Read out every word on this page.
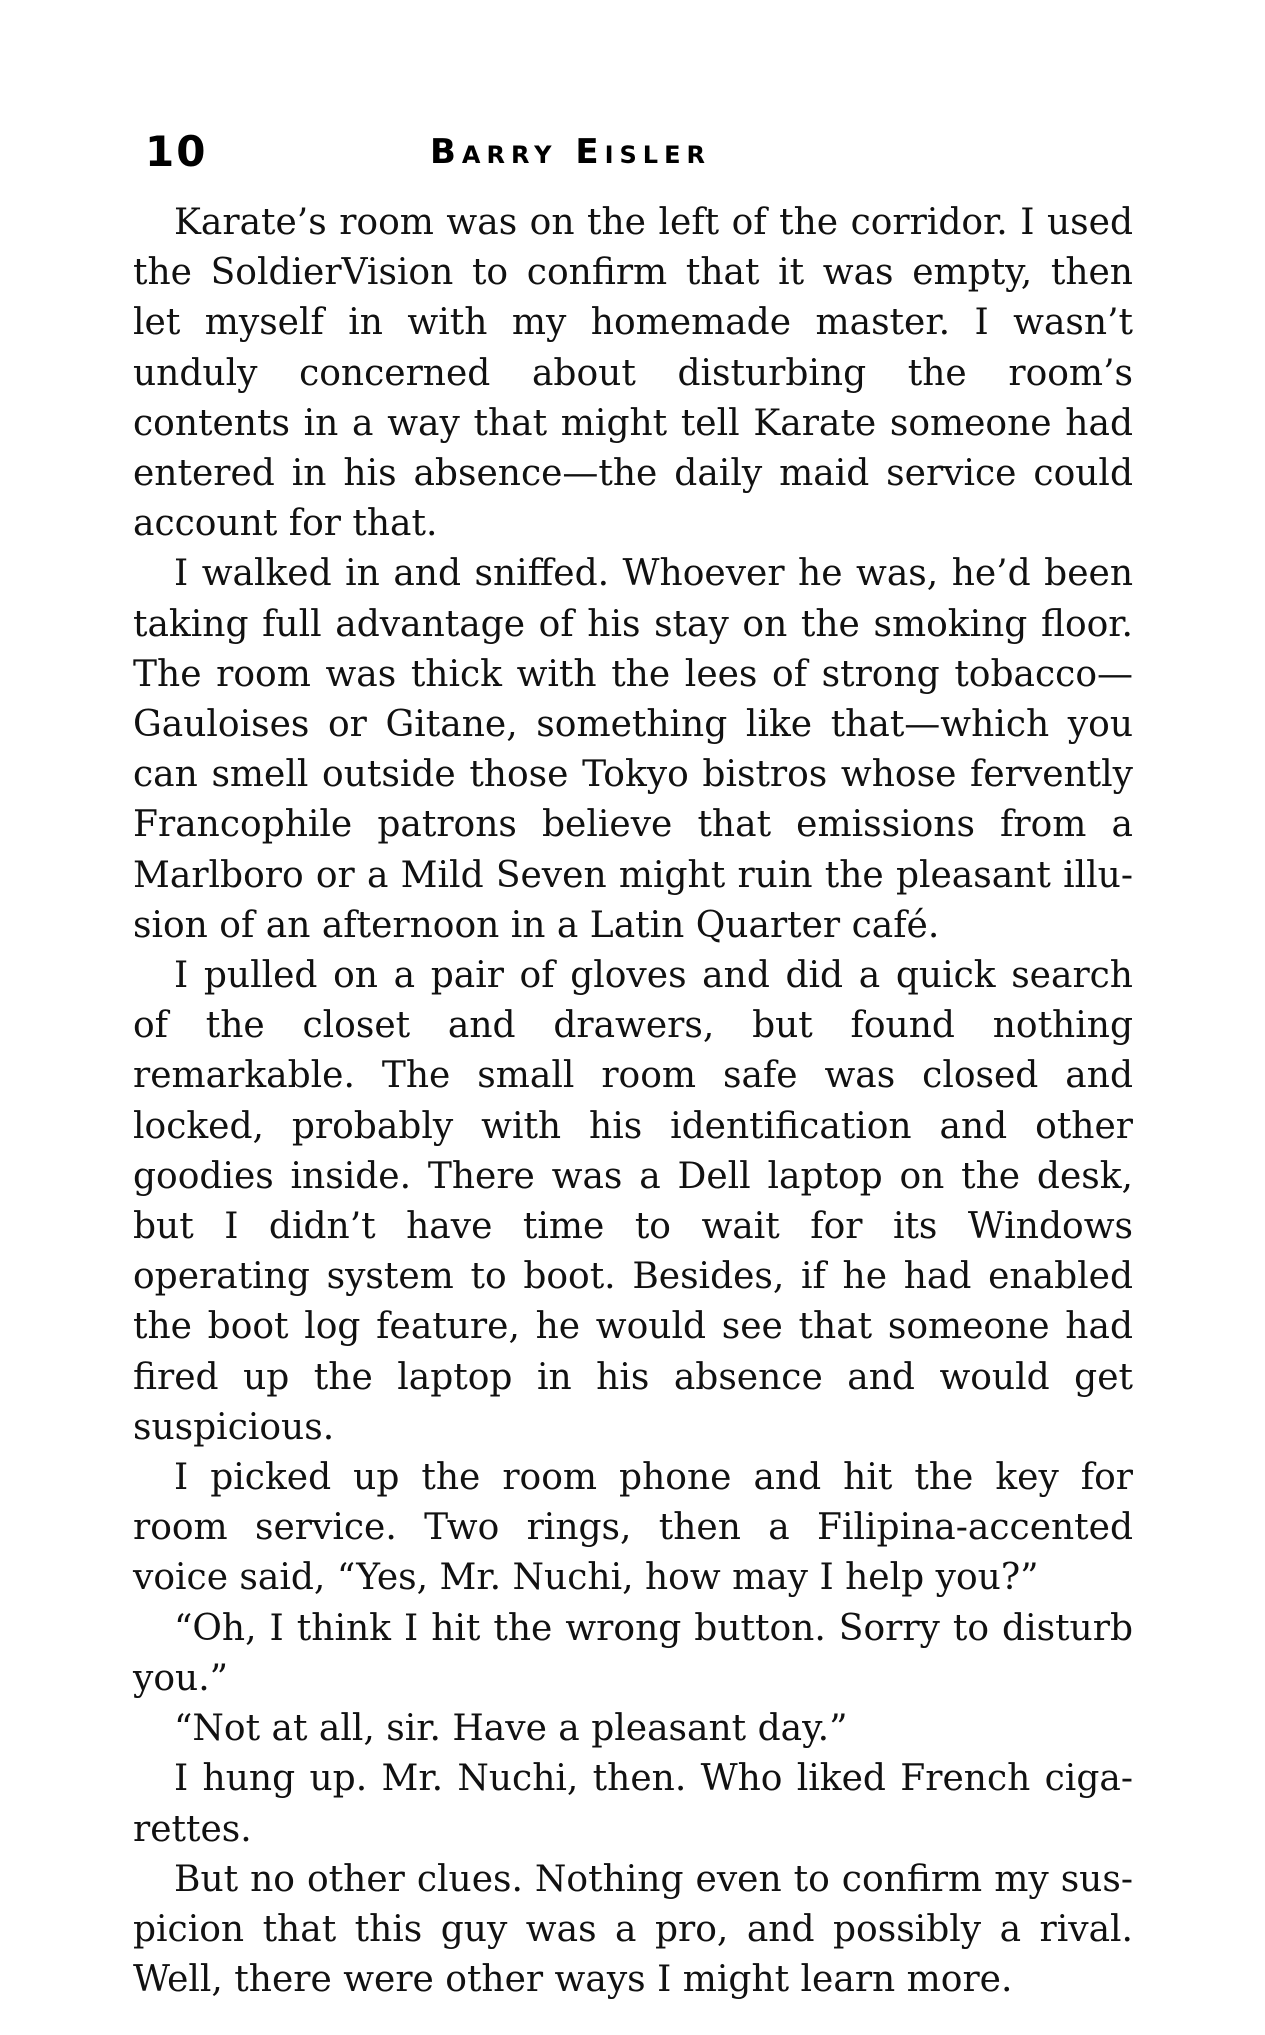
10	Barry Eisler

Karate’s room was on the left of the corridor. I used the SoldierVision to confirm that it was empty, then let myself in with my homemade master. I wasn’t unduly concerned about disturbing the room’s contents in a way that might tell Karate someone had entered in his absence—the daily maid service could account for that.

I walked in and sniffed. Whoever he was, he’d been taking full advantage of his stay on the smoking floor. The room was thick with the lees of strong tobacco—Gauloises or Gitane, something like that—which you can smell outside those Tokyo bistros whose fervently Francophile patrons believe that emissions from a Marlboro or a Mild Seven might ruin the pleasant illusion of an afternoon in a Latin Quarter café.

I pulled on a pair of gloves and did a quick search of the closet and drawers, but found nothing remarkable. The small room safe was closed and locked, probably with his identification and other goodies inside. There was a Dell laptop on the desk, but I didn’t have time to wait for its Windows operating system to boot. Besides, if he had enabled the boot log feature, he would see that someone had fired up the laptop in his absence and would get suspicious.

I picked up the room phone and hit the key for room service. Two rings, then a Filipina-accented voice said, “Yes, Mr. Nuchi, how may I help you?”

“Oh, I think I hit the wrong button. Sorry to disturb you.”

“Not at all, sir. Have a pleasant day.”

I hung up. Mr. Nuchi, then. Who liked French cigarettes.

But no other clues. Nothing even to confirm my suspicion that this guy was a pro, and possibly a rival. Well, there were other ways I might learn more.
